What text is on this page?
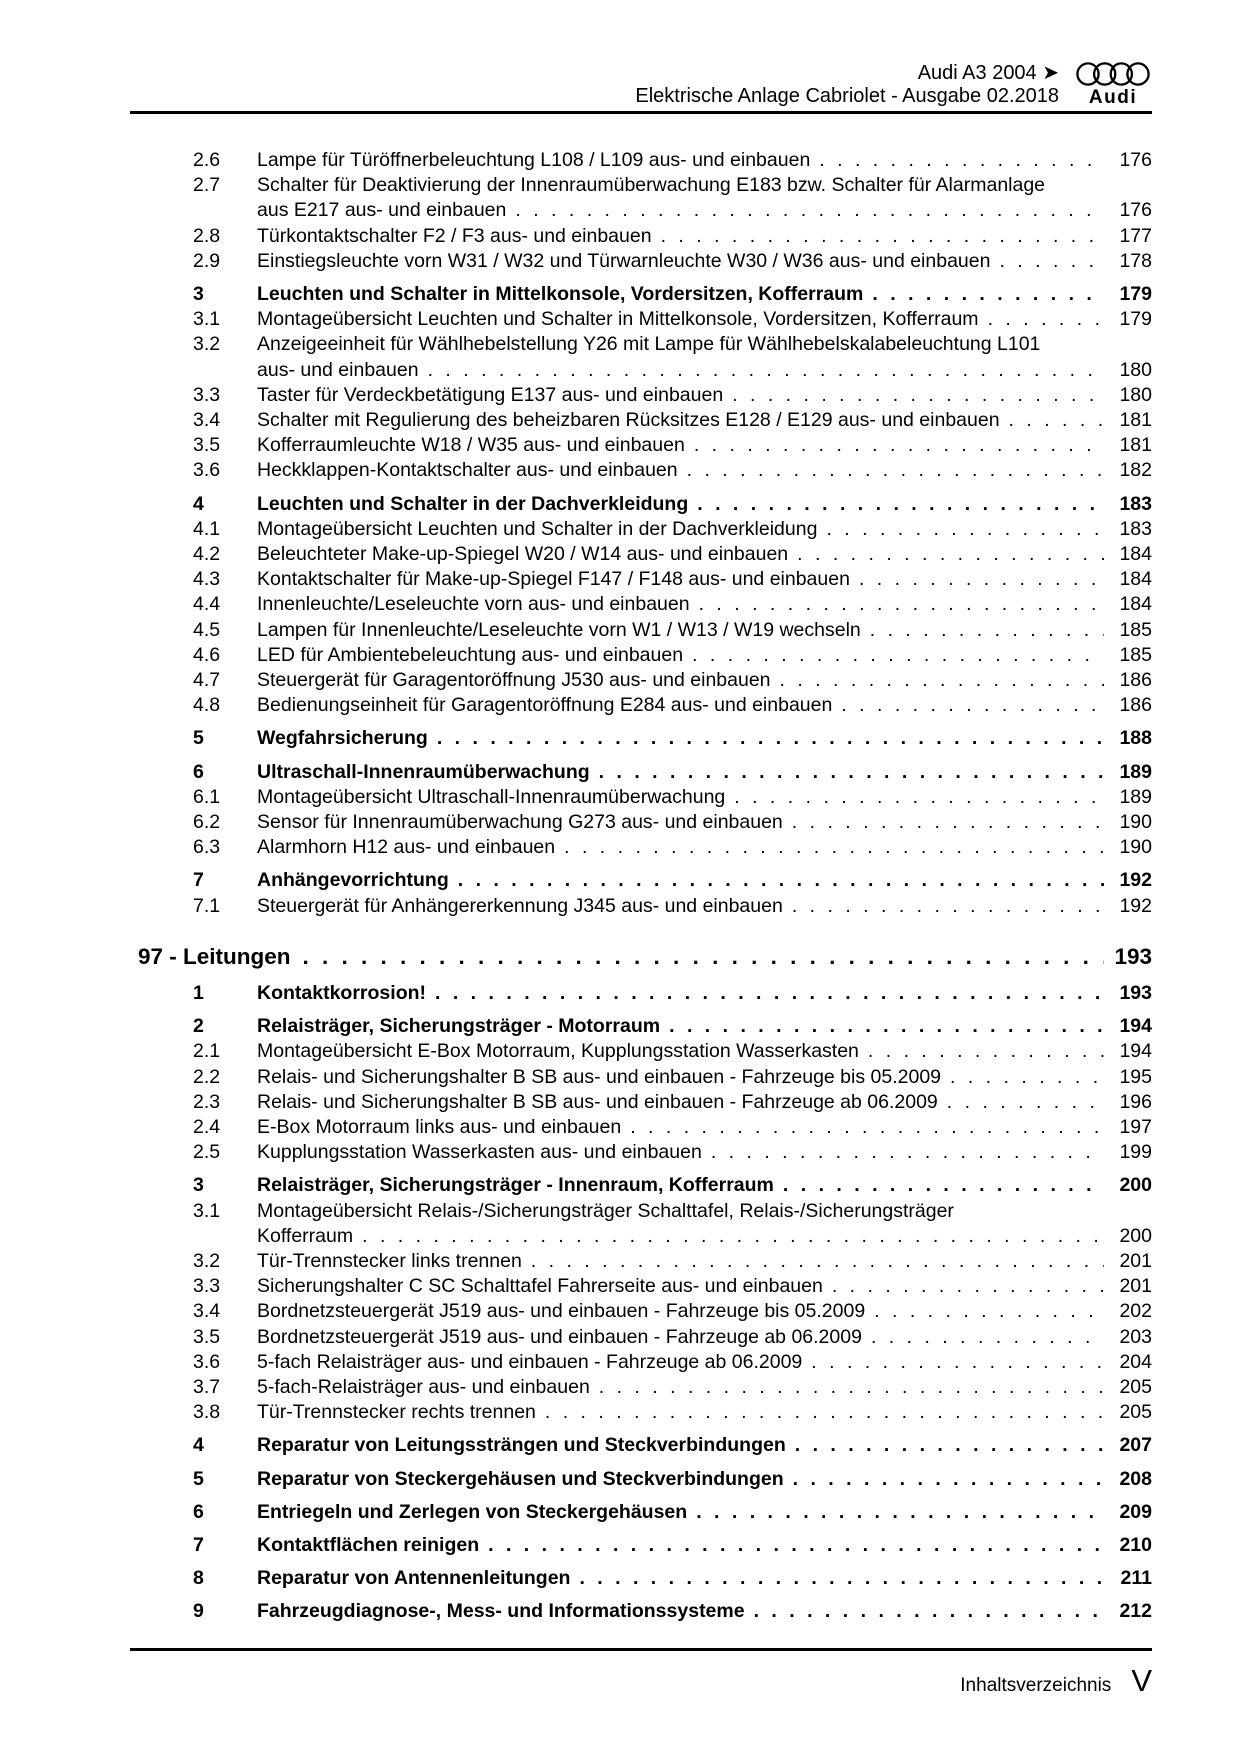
Audi A3 2004 ➤
Elektrische Anlage Cabriolet - Ausgabe 02.2018 Audi
2.6	Lampe für Türöffnerbeleuchtung L108 / L109 aus- und einbauen . . .	176
2.7	Schalter für Deaktivierung der Innenraumüberwachung E183 bzw. Schalter für Alarmanlage
aus E217 aus- und einbauen . . .	176
2.8	Türkontaktschalter F2 / F3 aus- und einbauen . . .	177
2.9	Einstiegsleuchte vorn W31 / W32 und Türwarnleuchte W30 / W36 aus- und einbauen . . .	178
3	Leuchten und Schalter in Mittelkonsole, Vordersitzen, Kofferraum . . .	179
3.1	Montageübersicht Leuchten und Schalter in Mittelkonsole, Vordersitzen, Kofferraum . . .	179
3.2	Anzeigeeinheit für Wählhebelstellung Y26 mit Lampe für Wählhebelskalabeleuchtung L101
aus- und einbauen . . .	180
3.3	Taster für Verdeckbetätigung E137 aus- und einbauen . . .	180
3.4	Schalter mit Regulierung des beheizbaren Rücksitzes E128 / E129 aus- und einbauen . . .	181
3.5	Kofferraumleuchte W18 / W35 aus- und einbauen . . .	181
3.6	Heckklappen-Kontaktschalter aus- und einbauen . . .	182
4	Leuchten und Schalter in der Dachverkleidung . . .	183
4.1	Montageübersicht Leuchten und Schalter in der Dachverkleidung . . .	183
4.2	Beleuchteter Make-up-Spiegel W20 / W14 aus- und einbauen . . .	184
4.3	Kontaktschalter für Make-up-Spiegel F147 / F148 aus- und einbauen . . .	184
4.4	Innenleuchte/Leseleuchte vorn aus- und einbauen . . .	184
4.5	Lampen für Innenleuchte/Leseleuchte vorn W1 / W13 / W19 wechseln . . .	185
4.6	LED für Ambientebeleuchtung aus- und einbauen . . .	185
4.7	Steuergerät für Garagentoröffnung J530 aus- und einbauen . . .	186
4.8	Bedienungseinheit für Garagentoröffnung E284 aus- und einbauen . . .	186
5	Wegfahrsicherung . . .	188
6	Ultraschall-Innenraumüberwachung . . .	189
6.1	Montageübersicht Ultraschall-Innenraumüberwachung . . .	189
6.2	Sensor für Innenraumüberwachung G273 aus- und einbauen . . .	190
6.3	Alarmhorn H12 aus- und einbauen . . .	190
7	Anhängevorrichtung . . .	192
7.1	Steuergerät für Anhängererkennung J345 aus- und einbauen . . .	192
97 - Leitungen . . .	193
1	Kontaktkorrosion! . . .	193
2	Relaisträger, Sicherungsträger - Motorraum . . .	194
2.1	Montageübersicht E-Box Motorraum, Kupplungsstation Wasserkasten . . .	194
2.2	Relais- und Sicherungshalter B SB aus- und einbauen - Fahrzeuge bis 05.2009 . . .	195
2.3	Relais- und Sicherungshalter B SB aus- und einbauen - Fahrzeuge ab 06.2009 . . .	196
2.4	E-Box Motorraum links aus- und einbauen . . .	197
2.5	Kupplungsstation Wasserkasten aus- und einbauen . . .	199
3	Relaisträger, Sicherungsträger - Innenraum, Kofferraum . . .	200
3.1	Montageübersicht Relais-/Sicherungsträger Schalttafel, Relais-/Sicherungsträger
Kofferraum . . .	200
3.2	Tür-Trennstecker links trennen . . .	201
3.3	Sicherungshalter C SC Schalttafel Fahrerseite aus- und einbauen . . .	201
3.4	Bordnetzsteuergerät J519 aus- und einbauen - Fahrzeuge bis 05.2009 . . .	202
3.5	Bordnetzsteuergerät J519 aus- und einbauen - Fahrzeuge ab 06.2009 . . .	203
3.6	5-fach Relaisträger aus- und einbauen - Fahrzeuge ab 06.2009 . . .	204
3.7	5-fach-Relaisträger aus- und einbauen . . .	205
3.8	Tür-Trennstecker rechts trennen . . .	205
4	Reparatur von Leitungssträngen und Steckverbindungen . . .	207
5	Reparatur von Steckergehäusen und Steckverbindungen . . .	208
6	Entriegeln und Zerlegen von Steckergehäusen . . .	209
7	Kontaktflächen reinigen . . .	210
8	Reparatur von Antennenleitungen . . .	211
9	Fahrzeugdiagnose-, Mess- und Informationssysteme . . .	212
Inhaltsverzeichnis V
